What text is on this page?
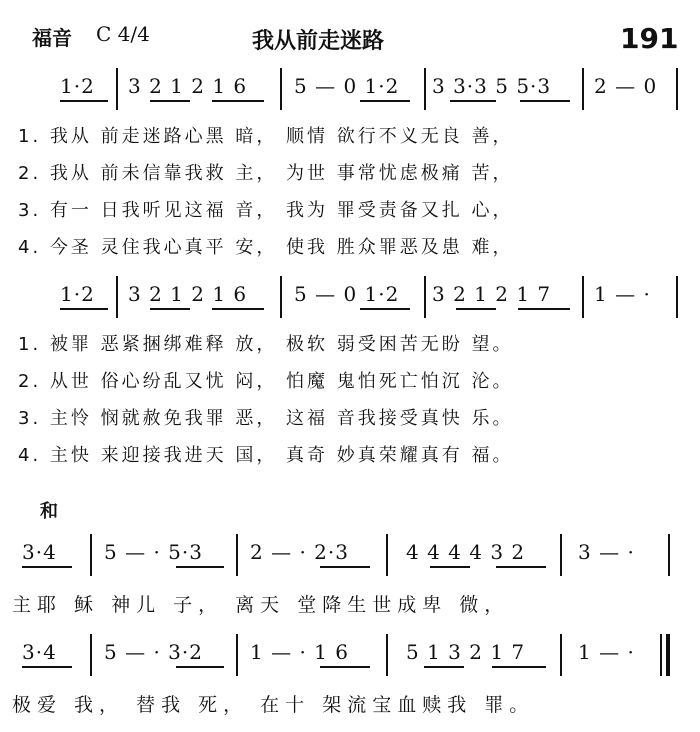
福音 C 4/4	我从前走迷路	191
1·2 3 2 1 2 1 6 5 — 0 1·2 3 3·3 5 5·3 2 — 0
1. 我从 前走迷路心黑 暗， 顺情 欲行不义无良 善，
2. 我从 前未信靠我救 主， 为世 事常忧虑极痛 苦，
3. 有一 日我听见这福 音， 我为 罪受责备又扎 心，
4. 今圣 灵住我心真平 安， 使我 胜众罪恶及患 难，
1·2 3 2 1 2 1 6 5 — 0 1·2 3 2 1 2 1 7 1 — ·
1. 被罪 恶紧捆绑难释 放， 极软 弱受困苦无盼 望。
2. 从世 俗心纷乱又忧 闷， 怕魔 鬼怕死亡怕沉 沦。
3. 主怜 悯就赦免我罪 恶， 这福 音我接受真快 乐。
4. 主快 来迎接我进天 国， 真奇 妙真荣耀真有 福。
和
3·4 5 — · 5·3 2 — · 2·3	4 4 4 4 3 2	3 — ·
主耶 稣 神儿 子， 离天 堂降生世成卑 微，
3·4 5 — · 3·2 1 — · 1 6	5 1 3 2 1 7	1 — ·
极爱 我， 替我 死， 在十 架流宝血赎我 罪。
